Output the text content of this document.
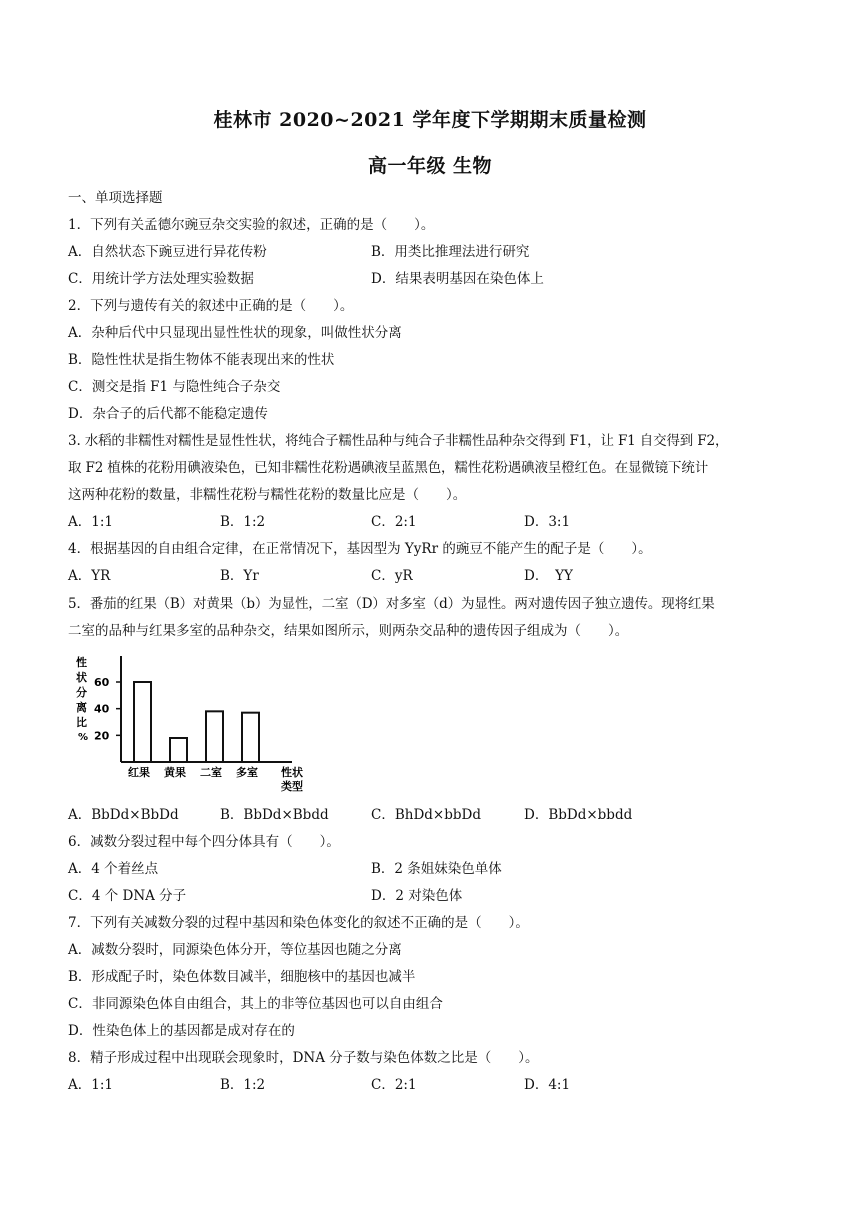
桂林市 2020~2021 学年度下学期期末质量检测
高一年级 生物
一、单项选择题
1．下列有关孟德尔豌豆杂交实验的叙述，正确的是（　　）。
A．自然状态下豌豆进行异花传粉	B．用类比推理法进行研究
C．用统计学方法处理实验数据	D．结果表明基因在染色体上
2．下列与遗传有关的叙述中正确的是（　　）。
A．杂种后代中只显现出显性性状的现象，叫做性状分离
B．隐性性状是指生物体不能表现出来的性状
C．测交是指 F1 与隐性纯合子杂交
D．杂合子的后代都不能稳定遗传
3. 水稻的非糯性对糯性是显性性状，将纯合子糯性品种与纯合子非糯性品种杂交得到 F1，让 F1 自交得到 F2，
取 F2 植株的花粉用碘液染色，已知非糯性花粉遇碘液呈蓝黑色，糯性花粉遇碘液呈橙红色。在显微镜下统计
这两种花粉的数量，非糯性花粉与糯性花粉的数量比应是（　　）。
A．1:1	B．1:2	C．2:1	D．3:1
4．根据基因的自由组合定律，在正常情况下，基因型为 YyRr 的豌豆不能产生的配子是（　　）。
A．YR	B．Yr	C．yR	D．　YY
5．番茄的红果（B）对黄果（b）为显性，二室（D）对多室（d）为显性。两对遗传因子独立遗传。现将红果
二室的品种与红果多室的品种杂交，结果如图所示，则两杂交品种的遗传因子组成为（　　）。
性
状
分
离
比
%
性状
类型
20
40
60
红果 黄果 二室 多室
A．BbDd×BbDd	B．BbDd×Bbdd	C．BhDd×bbDd	D．BbDd×bbdd
6．减数分裂过程中每个四分体具有（　　）。
A．4 个着丝点	B．2 条姐妹染色单体
C．4 个 DNA 分子	D．2 对染色体
7．下列有关减数分裂的过程中基因和染色体变化的叙述不正确的是（　　）。
A．减数分裂时，同源染色体分开，等位基因也随之分离
B．形成配子时，染色体数目减半，细胞核中的基因也减半
C．非同源染色体自由组合，其上的非等位基因也可以自由组合
D．性染色体上的基因都是成对存在的
8．精子形成过程中出现联会现象时，DNA 分子数与染色体数之比是（　　）。
A．1:1	B．1:2	C．2:1	D．4:1
